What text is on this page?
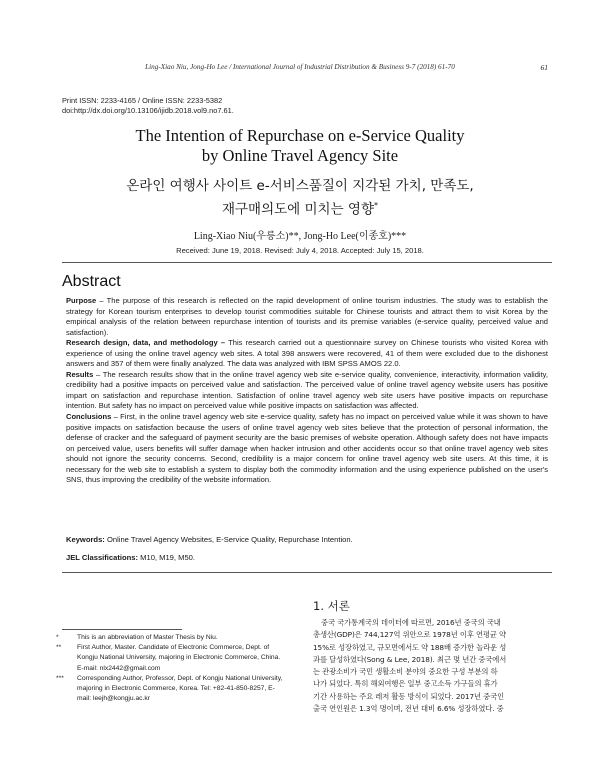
Ling-Xiao Niu, Jong-Ho Lee / International Journal of Industrial Distribution & Business 9-7 (2018) 61-70	61
Print ISSN: 2233-4165 / Online ISSN: 2233-5382
doi:http://dx.doi.org/10.13106/ijidb.2018.vol9.no7.61.
The Intention of Repurchase on e-Service Quality
by Online Travel Agency Site
온라인 여행사 사이트 e-서비스품질이 지각된 가치, 만족도,
재구매의도에 미치는 영향*
Ling-Xiao Niu(우릉소)**, Jong-Ho Lee(이종호)***
Received: June 19, 2018. Revised: July 4, 2018. Accepted: July 15, 2018.
Abstract

Purpose – The purpose of this research is reflected on the rapid development of online tourism industries. The study was to establish the strategy for Korean tourism enterprises to develop tourist commodities suitable for Chinese tourists and attract them to visit Korea by the empirical analysis of the relation between repurchase intention of tourists and its premise variables (e-service quality, perceived value and satisfaction).

Research design, data, and methodology – This research carried out a questionnaire survey on Chinese tourists who visited Korea with experience of using the online travel agency web sites. A total 398 answers were recovered, 41 of them were excluded due to the dishonest answers and 357 of them were finally analyzed. The data was analyzed with IBM SPSS AMOS 22.0.

Results – The research results show that in the online travel agency web site e-service quality, convenience, interactivity, information validity, credibility had a positive impacts on perceived value and satisfaction. The perceived value of online travel agency website users has positive impart on satisfaction and repurchase intention. Satisfaction of online travel agency web site users have positive impacts on repurchase intention. But safety has no impact on perceived value while positive impacts on satisfaction was affected.

Conclusions – First, in the online travel agency web site e-service quality, safety has no impact on perceived value while it was shown to have positive impacts on satisfaction because the users of online travel agency web sites believe that the protection of personal information, the defense of cracker and the safeguard of payment security are the basic premises of website operation. Although safety does not have impacts on perceived value, users benefits will suffer damage when hacker intrusion and other accidents occur so that online travel agency web sites should not ignore the security concerns. Second, credibility is a major concern for online travel agency web site users. At this time, it is necessary for the web site to establish a system to display both the commodity information and the using experience published on the user's SNS, thus improving the credibility of the website information.

Keywords: Online Travel Agency Websites, E-Service Quality, Repurchase Intention.
JEL Classifications: M10, M19, M50.
*	This is an abbreviation of Master Thesis by Niu.
** First Author, Master. Candidate of Electronic Commerce, Dept. of Kongju National University, majoring in Electronic Commerce, China. E-mail: nlx2442@gmail.com
*** Corresponding Author, Professor, Dept. of Kongju National University, majoring in Electronic Commerce, Korea. Tel: +82-41-850-8257, E-mail: leejh@kongju.ac.kr
1. 서론
중국 국가통계국의 데이터에 따르면, 2016년 중국의 국내
총생산(GDP)은 744,127억 위안으로 1978년 이후 연평균 약
15%로 성장하였고, 규모면에서도 약 188배 증가한 놀라운 성
과를 달성하였다(Song & Lee, 2018). 최근 몇 년간 중국에서
는 관광소비가 국민 생활소비 분야의 중요한 구성 부분의 하
나가 되었다. 특히 해외여행은 일부 중고소득 가구들의 휴가
기간 사용하는 주요 레저 활동 방식이 되었다. 2017년 중국인
출국 연인원은 1.3억 명이며, 전년 대비 6.6% 성장하였다. 중
